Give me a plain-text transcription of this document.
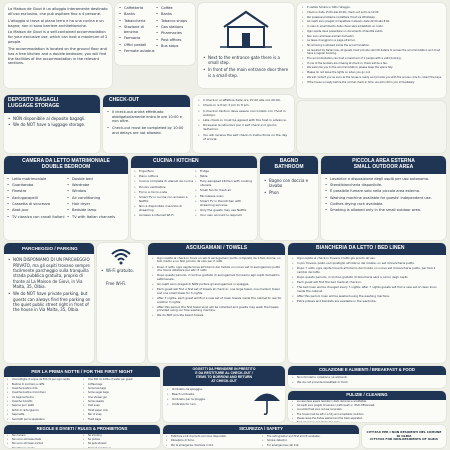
La Maison de Giovì è un alloggio interamente destinato all'uso esclusivo, che può ospitare fino a 4 persone.
L'alloggio si trova al piano terra e ha una cucina e un bagno; non ci sono barriere architettoniche.
La Maison de Giovì is a self-contained accommodation for your exclusive use, which can host a maximum of 2 people.
The accommodation is located on the ground floor and has a free kitchen and a double bedroom; you will find the facilities of the accommodation in the relevant sections.
• Caffetteria
• Banks
• Tabaccheria
• Stazione di benzina
• Farmacia
• Uffici postali
• Fermate autobus
• Coffee
• Banks
• Tobacco shops
• Gas stations
• Pharmacies
• Post offices
• Bus stops
• Next to the entrance gate there is a small step.
• In front of the main entrance door there is a small step.
• È vietato fumare in tutto l'alloggio.
• Check-in dalle 15:00 alle 20:00; check-out entro le 10:00.
• Per qualsiasi problema contattare l'host via WhatsApp.
• Gli ospiti sono pregati di rispettare il silenzio dalle 22:00 alle 8:00.
• In caso di smarrimento delle chiavi sarà addebitato un costo.
• Ogni ospite deve presentare un documento d'identità valido.
• Non sono ammessi animali domestici.
• La tassa di soggiorno si paga all'arrivo.
• No smoking is allowed inside the accommodation.
• As required by Italian law, all guests must provide valid ID details to access the accommodation and must have a regular booking.
• The accommodation can host a maximum of 2 people with a valid booking.
• If one of the bookers are missing at check-in, there will be a fee.
• We welcome you to the accommodation; please keep the space tidy.
• Please do not leave the lights on when you go out.
• We will contact you as soon as the house is ready and provide you with the access code to collect the keys.
• If the house is ready before the normal check-in time, we will inform you immediately.
DEPOSITO BAGAGLI
LUGGAGE STORAGE
• NON disponibile al deposito bagagli.
• We do NOT have a luggage storage.
CHECK-OUT
• Il check-out andrà effettuato obbligatoriamente entro le ore 10:00 e non oltre.
• Check-out must be completed by 10:00 and delays are not allowed.
• Il check-in si effettua dalle ore 15:00 alle ore 20:00.
• Check-in is from 3 pm to 8 pm.
• Il check-in tardivo deve essere concordato con l'host in anticipo.
• Late check-in must be agreed with the host in advance.
• Riceverai le istruzioni per il self check-in il giorno dell'arrivo.
• You will receive the self check-in instructions on the day of arrival.
CAMERA DA LETTO MATRIMONIALE
DOUBLE BEDROOM
• Letto matrimoniale
• Guardaroba
• Finestra
• Asciugacapelli
• Cassetta di sicurezza
• Abat-jour
• TV classica con canali italiani
• Double bed
• Wardrobe
• Window
• Air conditioning
• Hair dryer
• Bedside lamp
• TV with Italian channels
CUCINA / KITCHEN
• Frigorifero
• Piano cottura
• Cucina completa di utensili da cucina
• Piccolo ventilatore
• Forno a micro-onde
• Smart TV in cucina con accesso a Netflix
• Non è disponibile il servizio di streaming
• Accesso a internet Wi-Fi
• Fridge
• Table
• Fully equipped kitchen with cooking utensils
• Small fan for fresh air
• Microwave oven
• Smart TV in the kitchen with streaming services
• Only the guests may use Netflix
• Your own account is required
BAGNO
BATHROOM
• Bagno con doccia e lavabo
• Phon
PICCOLA AREA ESTERNA
SMALL OUTDOOR AREA
• Lavatrice a disposizione degli ospiti per uso autonomo.
• Stendibiancheria disponibile.
• È possibile fumare solo nella piccola area esterna.
• Washing machine available for guests' independent use.
• Clothes drying rack available.
• Smoking is allowed only in the small outdoor area.
PARCHEGGIO / PARKING
• NON DISPONIAMO DI UN PARCHEGGIO PRIVATO, ma gli ospiti trovano sempre facilmente parcheggio sulla tranquilla strada pubblica gratuita, proprio di fronte al La Maison de Giovì, in Via Malta, 35, Olbia.
• We do NOT have private parking, but guests can always find free parking on the quiet public street right in front of the house in Via Malta, 35, Olbia.
• Wi-Fi gratuito.
Free Wi-Fi.
ASCIUGAMANI / TOWELS
• Ogni ospite al check-in trova un set di asciugamani pulito composto da 1 telo doccia, un telo medio e un telo piccolo da viso per 2 notti.
• Dopo 3 notti, ogni ospite trova all'interno del mobile un nuovo set di asciugamani pulito che dovrà utilizzare per altri 3 notti.
• Dopo questo periodo, il riordino gratuito di asciugamani forniremo agli ospiti domestico settimanale.
• Gli ospiti sono pregati di NON portare gli asciugamani in spiaggia.
• Each guest will find a first set of towels at check-in: one large towel, one medium towel and one small towel for 3 nights.
• After 3 nights, each guest will find a new set of clean towels inside the cabinet to use for another 3 nights.
• After this period, the first towel send will be collected and guests may wash the towels provided using our free washing machine.
• We do NOT provide beach towels.
BIANCHERIA DA LETTO / BED LINEN
• Ogni ospite al check-in trovera il letto già pronto all'uso.
• In più troverà, posto nel ripostiglio all'interno del mobile, un set di biancheria pulito.
• Dopo 7 notti, ogni ospite troverà all'interno del mobile un nuovo set di biancheria pulito, per fare il cambio del letto.
• Dopo questo periodo, il riordino gratuito di biancheria sarà a carico degli ospiti.
• Each guest will find the bed made at check-in.
• The bed linen will be changed every 7 nights; after 7 nights guests will find a new set of clean linen inside the cabinet.
• After this period, linen will be washed using the washing machine.
• Extra pillows and blankets are available in the wardrobe.
PER LA PRIMA NOTTE / FOR THE FIRST NIGHT
• Una bottiglia di acqua da 500 ml per ogni ospite
• Bustine di zucchero e caffè
• Qualche bustina di tè
• Qualche bustina di zucchero
• Un bagnoschiuma
• Qualche dolcetto
• Sapone per i piatti
• Rotoli di carta igienica
• Saponetta
• Sacchetti per la spazzatura
• One 500 ml bottle of water per guest
• Coffee bags
• Some tea bags
• Some sugar bags
• One shower gel
• Some sweets
• Dish soap
• Toilet paper rolls
• Bar of soap
• Trash bags
OGGETTI DA PRENDERE IN PRESTITO
E DA RESTITUIRE AL CHECK-OUT /
ITEMS TO BORROW AND RETURN
AT CHECK-OUT
• Ombrello da spiaggia.
• Beach umbrella.
• Ombrello per la pioggia.
• Umbrella for rain.
COLAZIONE E ALIMENTI / BREAKFAST & FOOD
• Non forniamo colazione né alimenti.
• We do not provide breakfast or food.
PULIZIE / CLEANING
• La casa deve essere lasciata in stato decoroso e accettabile.
• Gli ospiti sono pregati di lasciare i piatti lavati e i rifiuti differenziati.
• Le pulizie finali sono incluse nel prezzo.
• The house must be left in a tidy and acceptable condition.
• Please leave the dishes washed and the trash separated.
REGOLE E DIVIETI / RULES & PROHIBITIONS
• Non fumare
• Non sono ammesse feste
• Non sono ammessi animali
•
• No smoking
• No parties
• No pets allowed
•
SICUREZZA / SAFETY
• Estintore e kit di pronto soccorso disponibili.
• Rilevatore di fumo.
• Per le emergenze chiamare il 112.
• Fire extinguisher and first aid kit available.
• Smoke detector.
• For emergencies call 112.
CITY-TAX PER I NON RESIDENTI NEL COMUNE DI OLBIA
CITY-TAX FOR NON-RESIDENTS OF OLBIA
